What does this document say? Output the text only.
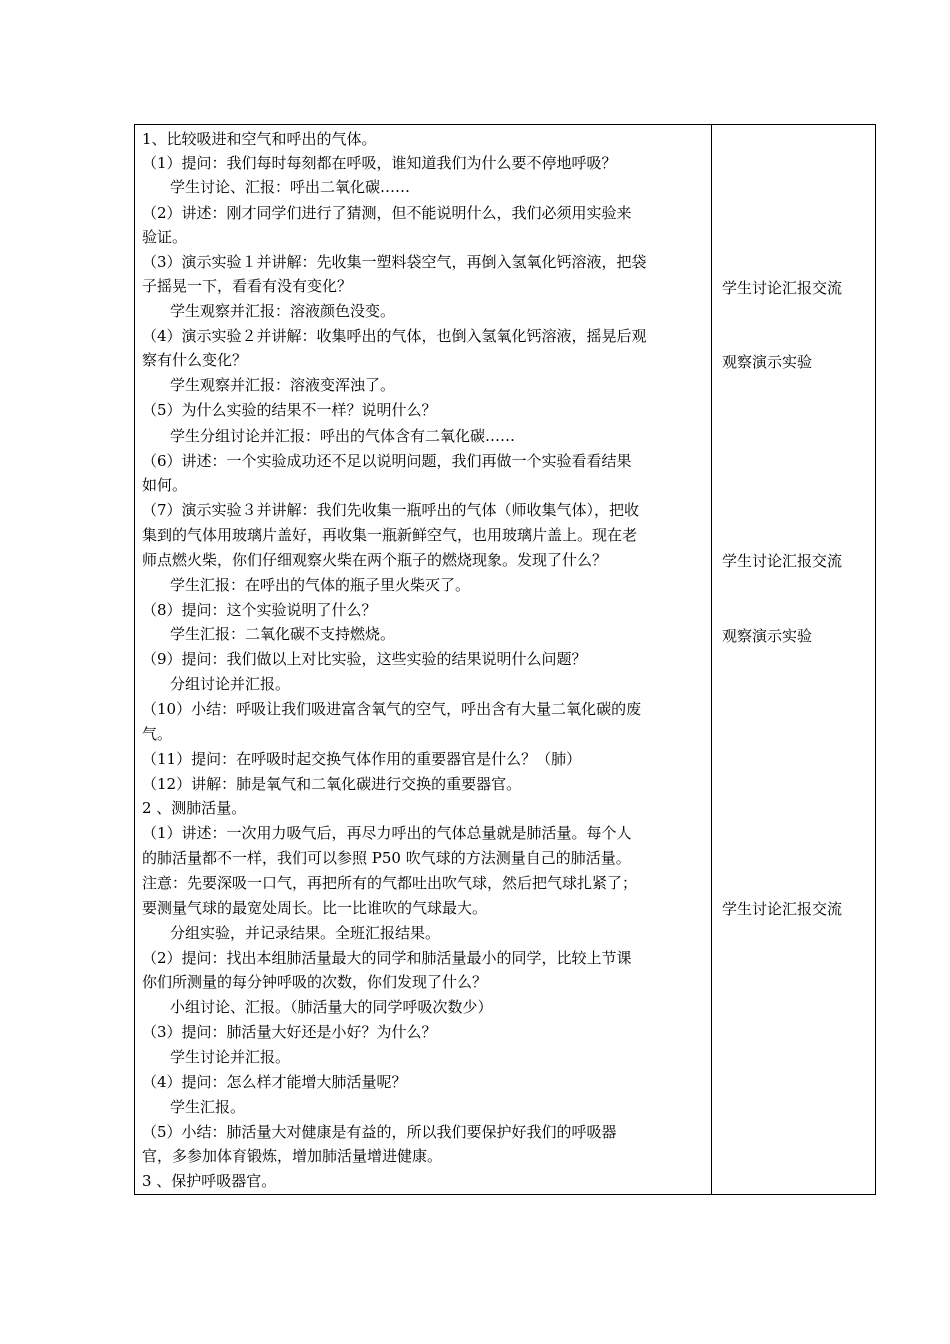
1、比较吸进和空气和呼出的气体。
（1）提问：我们每时每刻都在呼吸，谁知道我们为什么要不停地呼吸？
学生讨论、汇报：呼出二氧化碳……
（2）讲述：刚才同学们进行了猜测，但不能说明什么，我们必须用实验来
验证。
（3）演示实验１并讲解：先收集一塑料袋空气，再倒入氢氧化钙溶液，把袋
子摇晃一下，看看有没有变化？
学生观察并汇报：溶液颜色没变。
（4）演示实验２并讲解：收集呼出的气体，也倒入氢氧化钙溶液，摇晃后观
察有什么变化？
学生观察并汇报：溶液变浑浊了。
（5）为什么实验的结果不一样？说明什么？
学生分组讨论并汇报：呼出的气体含有二氧化碳……
（6）讲述：一个实验成功还不足以说明问题，我们再做一个实验看看结果
如何。
（7）演示实验３并讲解：我们先收集一瓶呼出的气体（师收集气体），把收
集到的气体用玻璃片盖好，再收集一瓶新鲜空气，也用玻璃片盖上。现在老
师点燃火柴，你们仔细观察火柴在两个瓶子的燃烧现象。发现了什么？
学生汇报：在呼出的气体的瓶子里火柴灭了。
（8）提问：这个实验说明了什么？
学生汇报：二氧化碳不支持燃烧。
（9）提问：我们做以上对比实验，这些实验的结果说明什么问题？
分组讨论并汇报。
（10）小结：呼吸让我们吸进富含氧气的空气，呼出含有大量二氧化碳的废
气。
（11）提问：在呼吸时起交换气体作用的重要器官是什么？（肺）
（12）讲解：肺是氧气和二氧化碳进行交换的重要器官。
2 、测肺活量。
（1）讲述：一次用力吸气后，再尽力呼出的气体总量就是肺活量。每个人
的肺活量都不一样，我们可以参照 P50 吹气球的方法测量自己的肺活量。
注意：先要深吸一口气，再把所有的气都吐出吹气球，然后把气球扎紧了；
要测量气球的最宽处周长。比一比谁吹的气球最大。
分组实验，并记录结果。全班汇报结果。
（2）提问：找出本组肺活量最大的同学和肺活量最小的同学，比较上节课
你们所测量的每分钟呼吸的次数，你们发现了什么？
小组讨论、汇报。（肺活量大的同学呼吸次数少）
（3）提问：肺活量大好还是小好？为什么？
学生讨论并汇报。
（4）提问：怎么样才能增大肺活量呢？
学生汇报。
（5）小结：肺活量大对健康是有益的，所以我们要保护好我们的呼吸器
官，多参加体育锻炼，增加肺活量增进健康。
3 、保护呼吸器官。
学生讨论汇报交流
观察演示实验
学生讨论汇报交流
观察演示实验
学生讨论汇报交流
